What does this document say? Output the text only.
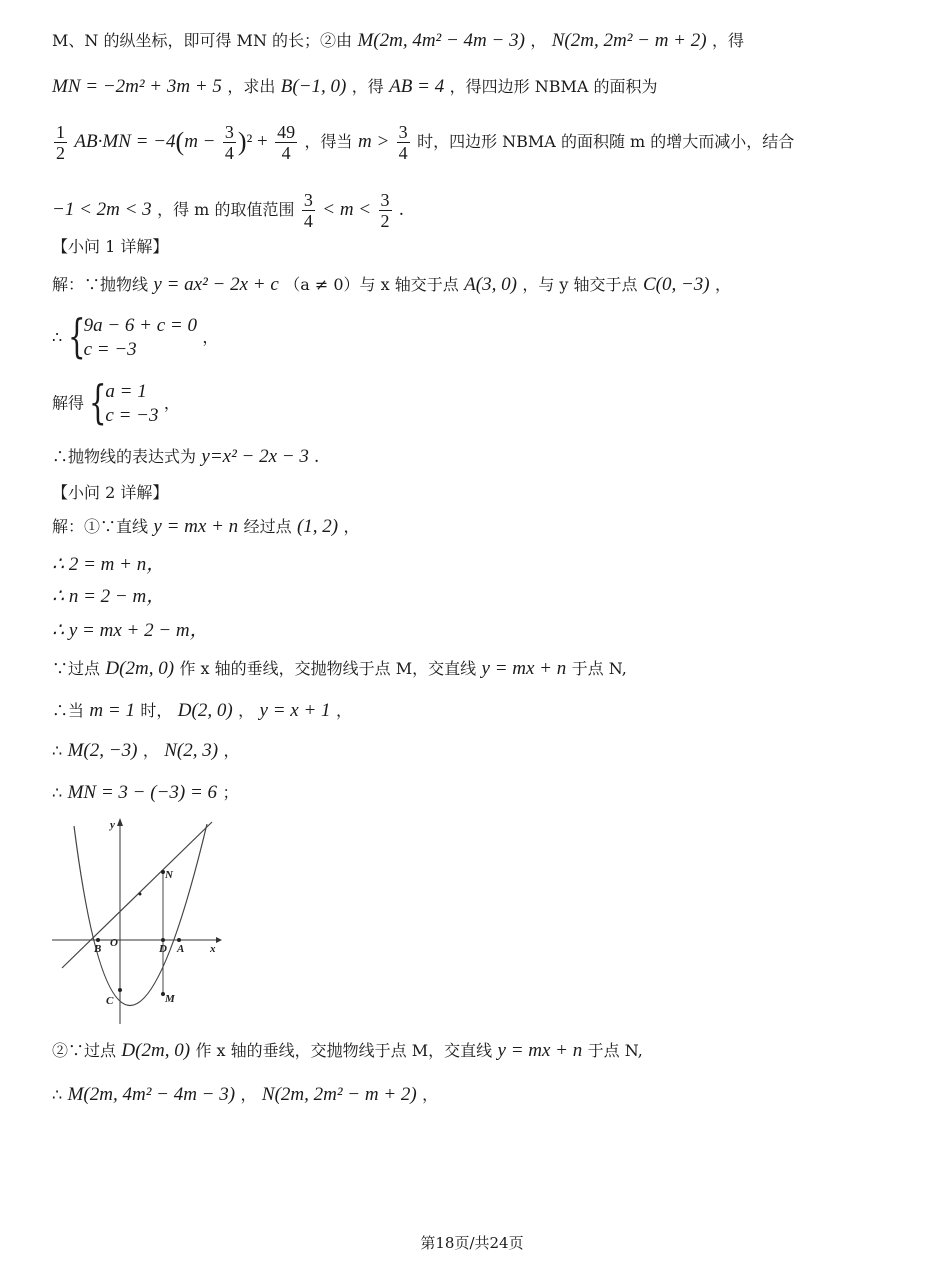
M、N 的纵坐标，即可得 MN 的长；②由 M(2m, 4m² − 4m − 3) ， N(2m, 2m² − m + 2) ，得
MN = −2m² + 3m + 5 ，求出 B(−1, 0) ，得 AB = 4 ，得四边形 NBMA 的面积为
$\frac{1}{2} AB\cdot MN = -4(m - \frac{3}{4} )^2 + \frac{49}{4}$ ，得当 $m > \frac{3}{4}$ 时，四边形 NBMA 的面积随 m 的增大而减小，结合
−1 < 2m < 3 ，得 m 的取值范围 $\frac{3}{4} < m < \frac{3}{2}$ .
【小问 1 详解】
解：∵抛物线 y = ax² − 2x + c （a ≠ 0）与 x 轴交于点 A(3, 0) ，与 y 轴交于点 C(0, −3) ，
∴ {
9a − 6 + c = 0
c = −3
，
解得 {
a = 1
c = −3
，
∴抛物线的表达式为 y=x² − 2x − 3 .
【小问 2 详解】
解：①∵直线 y = mx + n 经过点 (1, 2) ，
∴ 2 = m + n，
∴ n = 2 − m，
∴ y = mx + 2 − m，
∵过点 D(2m, 0) 作 x 轴的垂线，交抛物线于点 M，交直线 y = mx + n 于点 N,
∴当 m = 1 时， D(2, 0) ， y = x + 1 ，
∴ M(2, −3) ， N(2, 3) ，
∴ MN = 3 − (−3) = 6 ；
y
x
O
B	D A
N
C	M
②∵过点 D(2m, 0) 作 x 轴的垂线，交抛物线于点 M，交直线 y = mx + n 于点 N,
∴ M(2m, 4m² − 4m − 3) ， N(2m, 2m² − m + 2) ，
第18页/共24页
